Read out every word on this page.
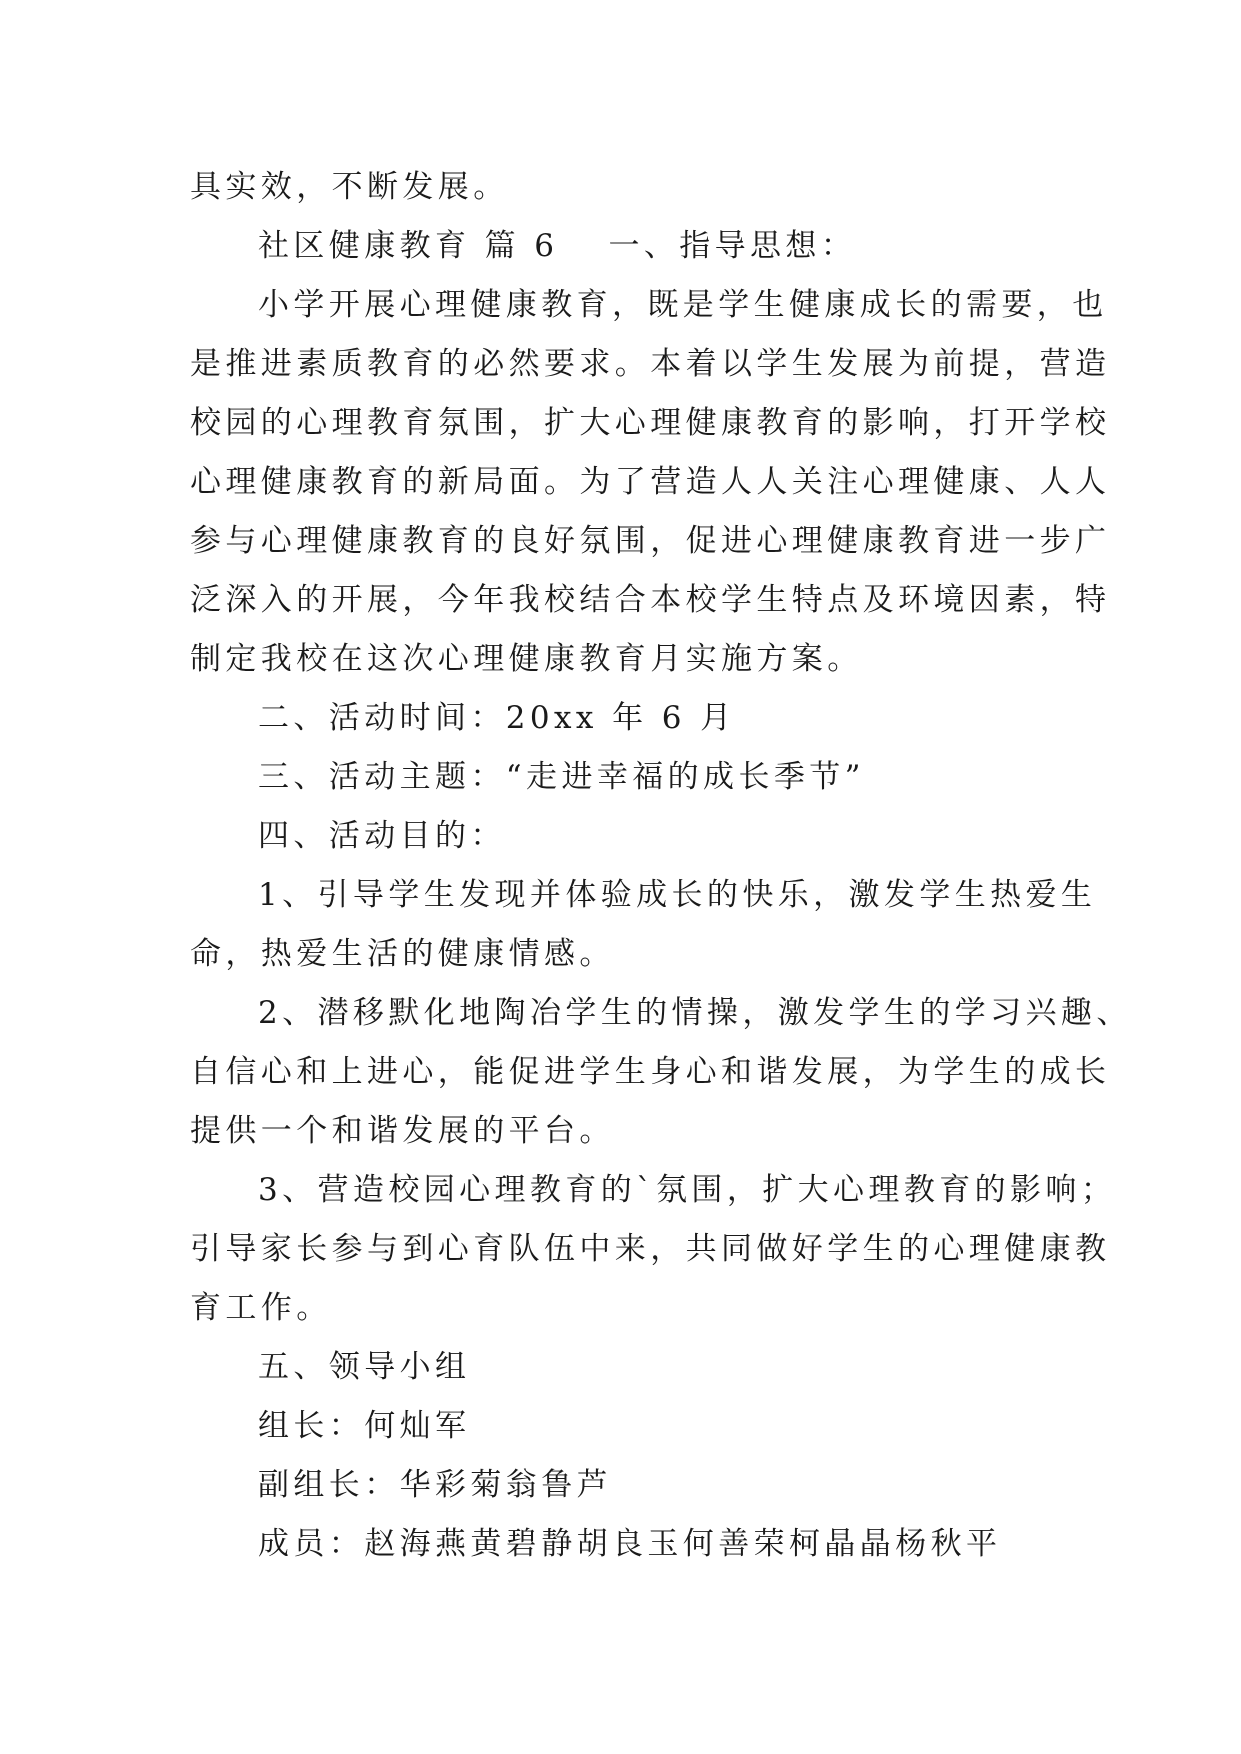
具实效，不断发展。
社区健康教育 篇 6 一、指导思想：
小学开展心理健康教育，既是学生健康成长的需要，也
是推进素质教育的必然要求。本着以学生发展为前提，营造
校园的心理教育氛围，扩大心理健康教育的影响，打开学校
心理健康教育的新局面。为了营造人人关注心理健康、人人
参与心理健康教育的良好氛围，促进心理健康教育进一步广
泛深入的开展，今年我校结合本校学生特点及环境因素，特
制定我校在这次心理健康教育月实施方案。
二、活动时间：20xx 年 6 月
三、活动主题：“走进幸福的成长季节”
四、活动目的：
1、引导学生发现并体验成长的快乐，激发学生热爱生
命，热爱生活的健康情感。
2、潜移默化地陶冶学生的情操，激发学生的学习兴趣、
自信心和上进心，能促进学生身心和谐发展，为学生的成长
提供一个和谐发展的平台。
3、营造校园心理教育的`氛围，扩大心理教育的影响；
引导家长参与到心育队伍中来，共同做好学生的心理健康教
育工作。
五、领导小组
组长：何灿军
副组长：华彩菊翁鲁芦
成员：赵海燕黄碧静胡良玉何善荣柯晶晶杨秋平
